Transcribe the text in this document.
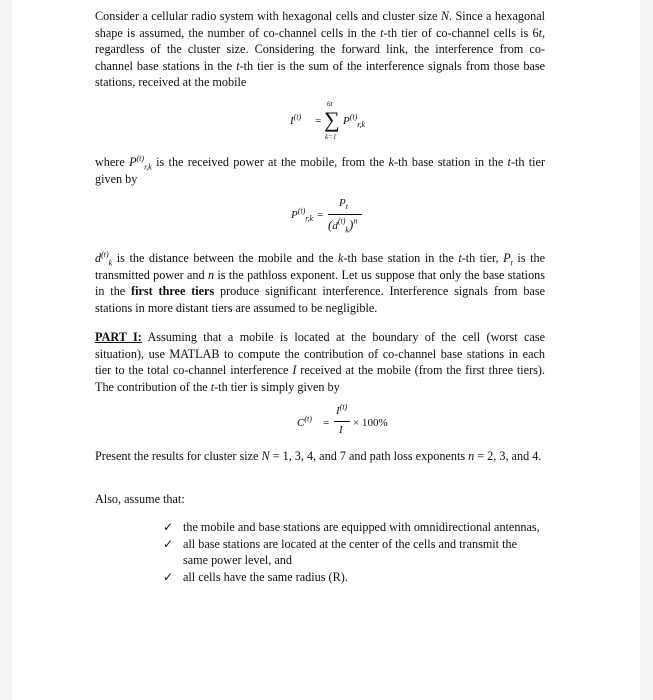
Consider a cellular radio system with hexagonal cells and cluster size N. Since a hexagonal shape is assumed, the number of co-channel cells in the t-th tier of co-channel cells is 6t, regardless of the cluster size. Considering the forward link, the interference from co-channel base stations in the t-th tier is the sum of the interference signals from those base stations, received at the mobile

$I^{(t)}$ =
6t
∑
k=1
$P^{(t)}_{r,k}$

where $P^{(t)}_{r,k}$ is the received power at the mobile, from the k-th base station in the t-th tier given by

$P^{(t)}_{r,k}$ =
$P_t$
$(d^{(t)}_k)^n$

$d^{(t)}_k$ is the distance between the mobile and the k-th base station in the t-th tier, $P_t$ is the transmitted power and n is the pathloss exponent. Let us suppose that only the base stations in the first three tiers produce significant interference. Interference signals from base stations in more distant tiers are assumed to be negligible.

PART I: Assuming that a mobile is located at the boundary of the cell (worst case situation), use MATLAB to compute the contribution of co-channel base stations in each tier to the total co-channel interference I received at the mobile (from the first three tiers). The contribution of the t-th tier is simply given by

$C^{(t)}$ =
$I^{(t)}$
I
× 100%

Present the results for cluster size N = 1, 3, 4, and 7 and path loss exponents n = 2, 3, and 4.

Also, assume that:

✓ the mobile and base stations are equipped with omnidirectional antennas,
✓ all base stations are located at the center of the cells and transmit the same power level, and
✓ all cells have the same radius (R).
